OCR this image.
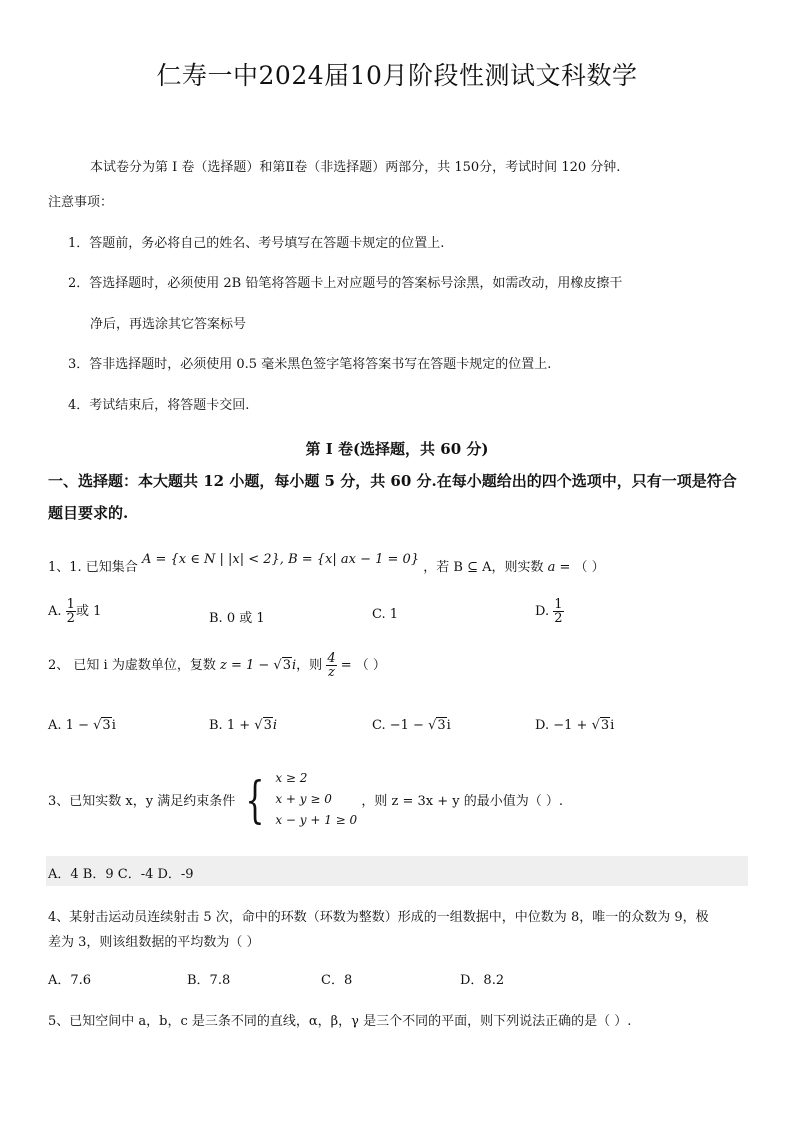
仁寿一中2024届10月阶段性测试文科数学
本试卷分为第 I 卷（选择题）和第Ⅱ卷（非选择题）两部分，共 150分，考试时间 120 分钟.
注意事项：
1．答题前，务必将自己的姓名、考号填写在答题卡规定的位置上.
2．答选择题时，必须使用 2B 铅笔将答题卡上对应题号的答案标号涂黑，如需改动，用橡皮擦干
净后，再选涂其它答案标号
3．答非选择题时，必须使用 0.5 毫米黑色签字笔将答案书写在答题卡规定的位置上.
4．考试结束后，将答题卡交回.
第 I 卷(选择题，共 60 分)
一、选择题：本大题共 12 小题，每小题 5 分，共 60 分.在每小题给出的四个选项中，只有一项是符合
题目要求的.
1、1. 已知集合 A = {x ∈ N | |x| < 2}, B = {x| ax − 1 = 0} ，若 B ⊆ A，则实数 a = （ ）
A. $\frac{1}{2}$ 或 1	B. 0 或 1	C. 1	D. $\frac{1}{2}$
2、 已知 i 为虚数单位，复数 z = 1 − √3i，则 $\frac{4}{z}$ = （ ）
A. 1 − √3i	B. 1 + √3i	C. −1 − √3i	D. −1 + √3i
3、已知实数 x，y 满足约束条件 { x ≥ 2
x + y ≥ 0
x − y + 1 ≥ 0
，则 z = 3x + y 的最小值为（ ）.
A．4 B．9 C．-4 D．-9
4、某射击运动员连续射击 5 次，命中的环数（环数为整数）形成的一组数据中，中位数为 8，唯一的众数为 9，极
差为 3，则该组数据的平均数为（ ）
A．7.6	B．7.8	C．8	D．8.2
5、已知空间中 a，b，c 是三条不同的直线，α，β，γ 是三个不同的平面，则下列说法正确的是（ ）.
